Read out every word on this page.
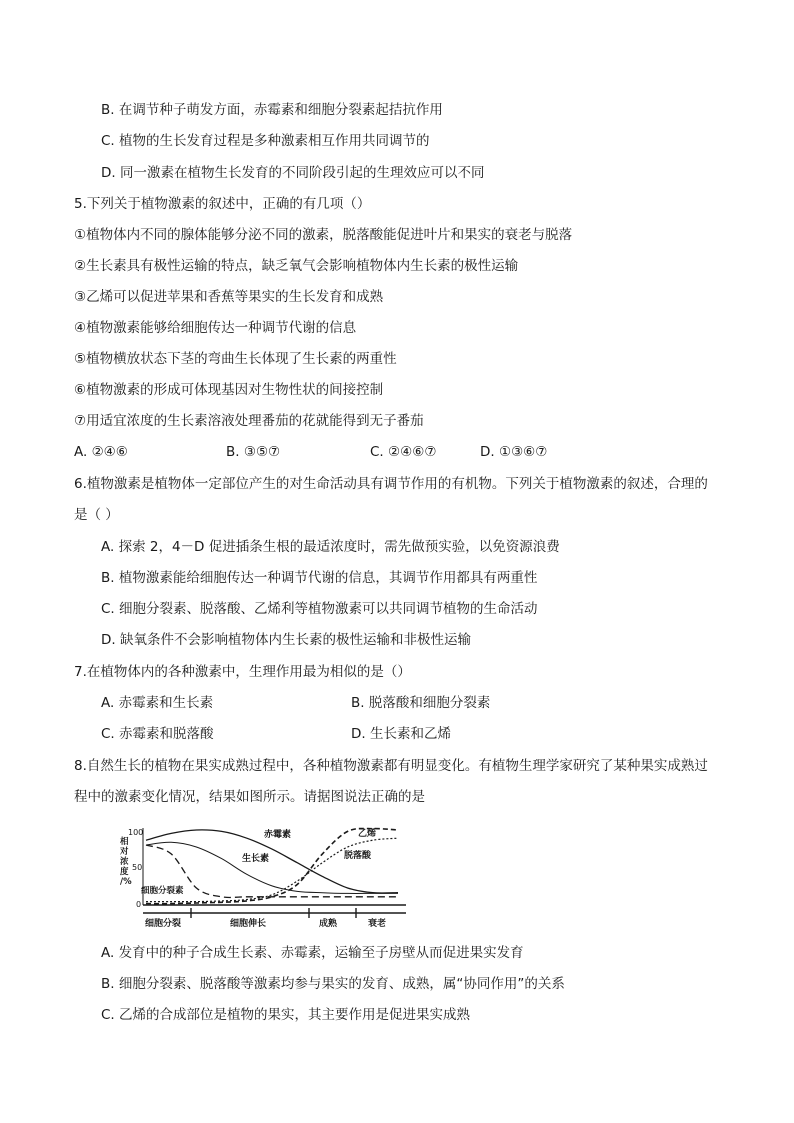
B. 在调节种子萌发方面，赤霉素和细胞分裂素起拮抗作用
C. 植物的生长发育过程是多种激素相互作用共同调节的
D. 同一激素在植物生长发育的不同阶段引起的生理效应可以不同
5.下列关于植物激素的叙述中，正确的有几项（）
①植物体内不同的腺体能够分泌不同的激素，脱落酸能促进叶片和果实的衰老与脱落
②生长素具有极性运输的特点，缺乏氧气会影响植物体内生长素的极性运输
③乙烯可以促进苹果和香蕉等果实的生长发育和成熟
④植物激素能够给细胞传达一种调节代谢的信息
⑤植物横放状态下茎的弯曲生长体现了生长素的两重性
⑥植物激素的形成可体现基因对生物性状的间接控制
⑦用适宜浓度的生长素溶液处理番茄的花就能得到无子番茄
A. ②④⑥	B. ③⑤⑦	C. ②④⑥⑦	D. ①③⑥⑦
6.植物激素是植物体一定部位产生的对生命活动具有调节作用的有机物。下列关于植物激素的叙述，合理的
是（ ）
A. 探索 2，4－D 促进插条生根的最适浓度时，需先做预实验，以免资源浪费
B. 植物激素能给细胞传达一种调节代谢的信息，其调节作用都具有两重性
C. 细胞分裂素、脱落酸、乙烯利等植物激素可以共同调节植物的生命活动
D. 缺氧条件不会影响植物体内生长素的极性运输和非极性运输
7.在植物体内的各种激素中，生理作用最为相似的是（）
A. 赤霉素和生长素	B. 脱落酸和细胞分裂素
C. 赤霉素和脱落酸	D. 生长素和乙烯
8.自然生长的植物在果实成熟过程中，各种植物激素都有明显变化。有植物生理学家研究了某种果实成熟过
程中的激素变化情况，结果如图所示。请据图说法正确的是
相
对
浓
度
/%
100
50
0
赤霉素
生长素
细胞分裂素
乙烯
脱落酸
细胞分裂	细胞伸长	成熟	衰老
A. 发育中的种子合成生长素、赤霉素，运输至子房壁从而促进果实发育
B. 细胞分裂素、脱落酸等激素均参与果实的发育、成熟，属“协同作用”的关系
C. 乙烯的合成部位是植物的果实，其主要作用是促进果实成熟
